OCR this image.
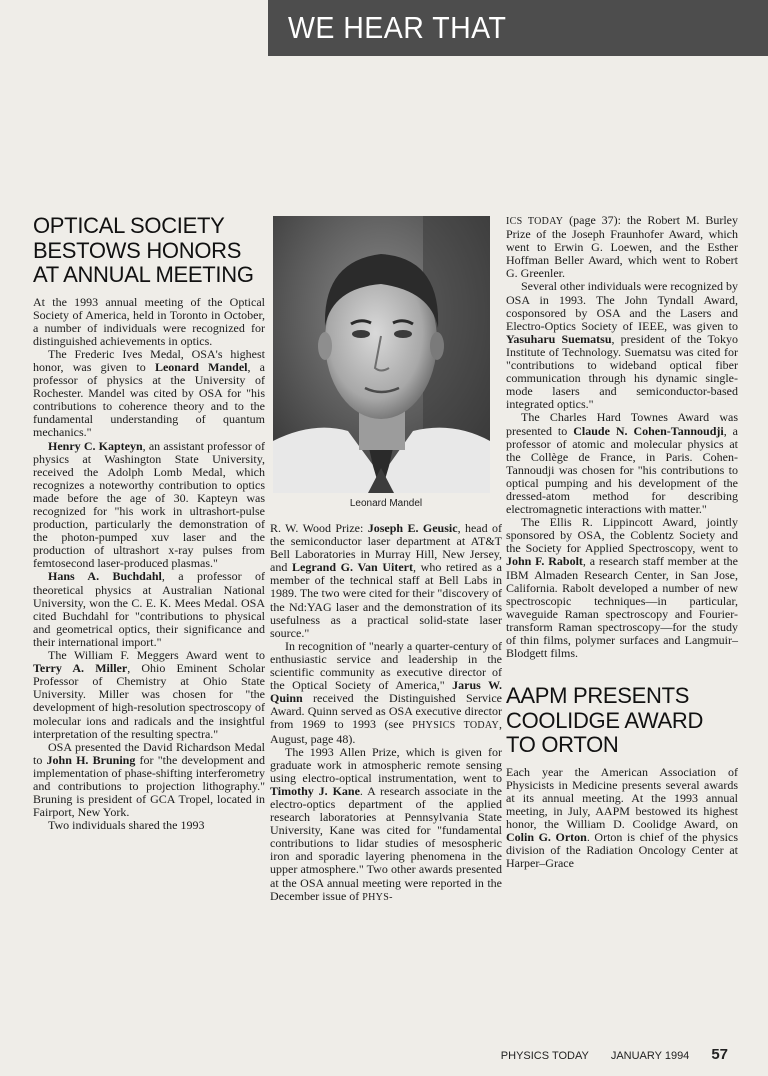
WE HEAR THAT
OPTICAL SOCIETY
BESTOWS HONORS
AT ANNUAL MEETING

At the 1993 annual meeting of the Optical Society of America, held in Toronto in October, a number of individuals were recognized for distinguished achievements in optics.

The Frederic Ives Medal, OSA's highest honor, was given to Leonard Mandel, a professor of physics at the University of Rochester. Mandel was cited by OSA for "his contributions to coherence theory and to the fundamental understanding of quantum mechanics."

Henry C. Kapteyn, an assistant professor of physics at Washington State University, received the Adolph Lomb Medal, which recognizes a noteworthy contribution to optics made before the age of 30. Kapteyn was recognized for "his work in ultrashort-pulse production, particularly the demonstration of the photon-pumped xuv laser and the production of ultrashort x-ray pulses from femtosecond laser-produced plasmas."

Hans A. Buchdahl, a professor of theoretical physics at Australian National University, won the C. E. K. Mees Medal. OSA cited Buchdahl for "contributions to physical and geometrical optics, their significance and their international import."

The William F. Meggers Award went to Terry A. Miller, Ohio Eminent Scholar Professor of Chemistry at Ohio State University. Miller was chosen for "the development of high-resolution spectroscopy of molecular ions and radicals and the insightful interpretation of the resulting spectra."

OSA presented the David Richardson Medal to John H. Bruning for "the development and implementation of phase-shifting interferometry and contributions to projection lithography." Bruning is president of GCA Tropel, located in Fairport, New York.

Two individuals shared the 1993

Leonard Mandel

R. W. Wood Prize: Joseph E. Geusic, head of the semiconductor laser department at AT&T Bell Laboratories in Murray Hill, New Jersey, and Legrand G. Van Uitert, who retired as a member of the technical staff at Bell Labs in 1989. The two were cited for their "discovery of the Nd:YAG laser and the demonstration of its usefulness as a practical solid-state laser source."

In recognition of "nearly a quarter-century of enthusiastic service and leadership in the scientific community as executive director of the Optical Society of America," Jarus W. Quinn received the Distinguished Service Award. Quinn served as OSA executive director from 1969 to 1993 (see PHYSICS TODAY, August, page 48).

The 1993 Allen Prize, which is given for graduate work in atmospheric remote sensing using electro-optical instrumentation, went to Timothy J. Kane. A research associate in the electro-optics department of the applied research laboratories at Pennsylvania State University, Kane was cited for "fundamental contributions to lidar studies of mesospheric iron and sporadic layering phenomena in the upper atmosphere." Two other awards presented at the OSA annual meeting were reported in the December issue of PHYS-

ICS TODAY (page 37): the Robert M. Burley Prize of the Joseph Fraunhofer Award, which went to Erwin G. Loewen, and the Esther Hoffman Beller Award, which went to Robert G. Greenler.

Several other individuals were recognized by OSA in 1993. The John Tyndall Award, cosponsored by OSA and the Lasers and Electro-Optics Society of IEEE, was given to Yasuharu Suematsu, president of the Tokyo Institute of Technology. Suematsu was cited for "contributions to wideband optical fiber communication through his dynamic single-mode lasers and semiconductor-based integrated optics."

The Charles Hard Townes Award was presented to Claude N. Cohen-Tannoudji, a professor of atomic and molecular physics at the Collège de France, in Paris. Cohen-Tannoudji was chosen for "his contributions to optical pumping and his development of the dressed-atom method for describing electromagnetic interactions with matter."

The Ellis R. Lippincott Award, jointly sponsored by OSA, the Coblentz Society and the Society for Applied Spectroscopy, went to John F. Rabolt, a research staff member at the IBM Almaden Research Center, in San Jose, California. Rabolt developed a number of new spectroscopic techniques—in particular, waveguide Raman spectroscopy and Fourier-transform Raman spectroscopy—for the study of thin films, polymer surfaces and Langmuir–Blodgett films.

AAPM PRESENTS
COOLIDGE AWARD
TO ORTON

Each year the American Association of Physicists in Medicine presents several awards at its annual meeting. At the 1993 annual meeting, in July, AAPM bestowed its highest honor, the William D. Coolidge Award, on Colin G. Orton. Orton is chief of the physics division of the Radiation Oncology Center at Harper–Grace

PHYSICS TODAY JANUARY 1994 57
